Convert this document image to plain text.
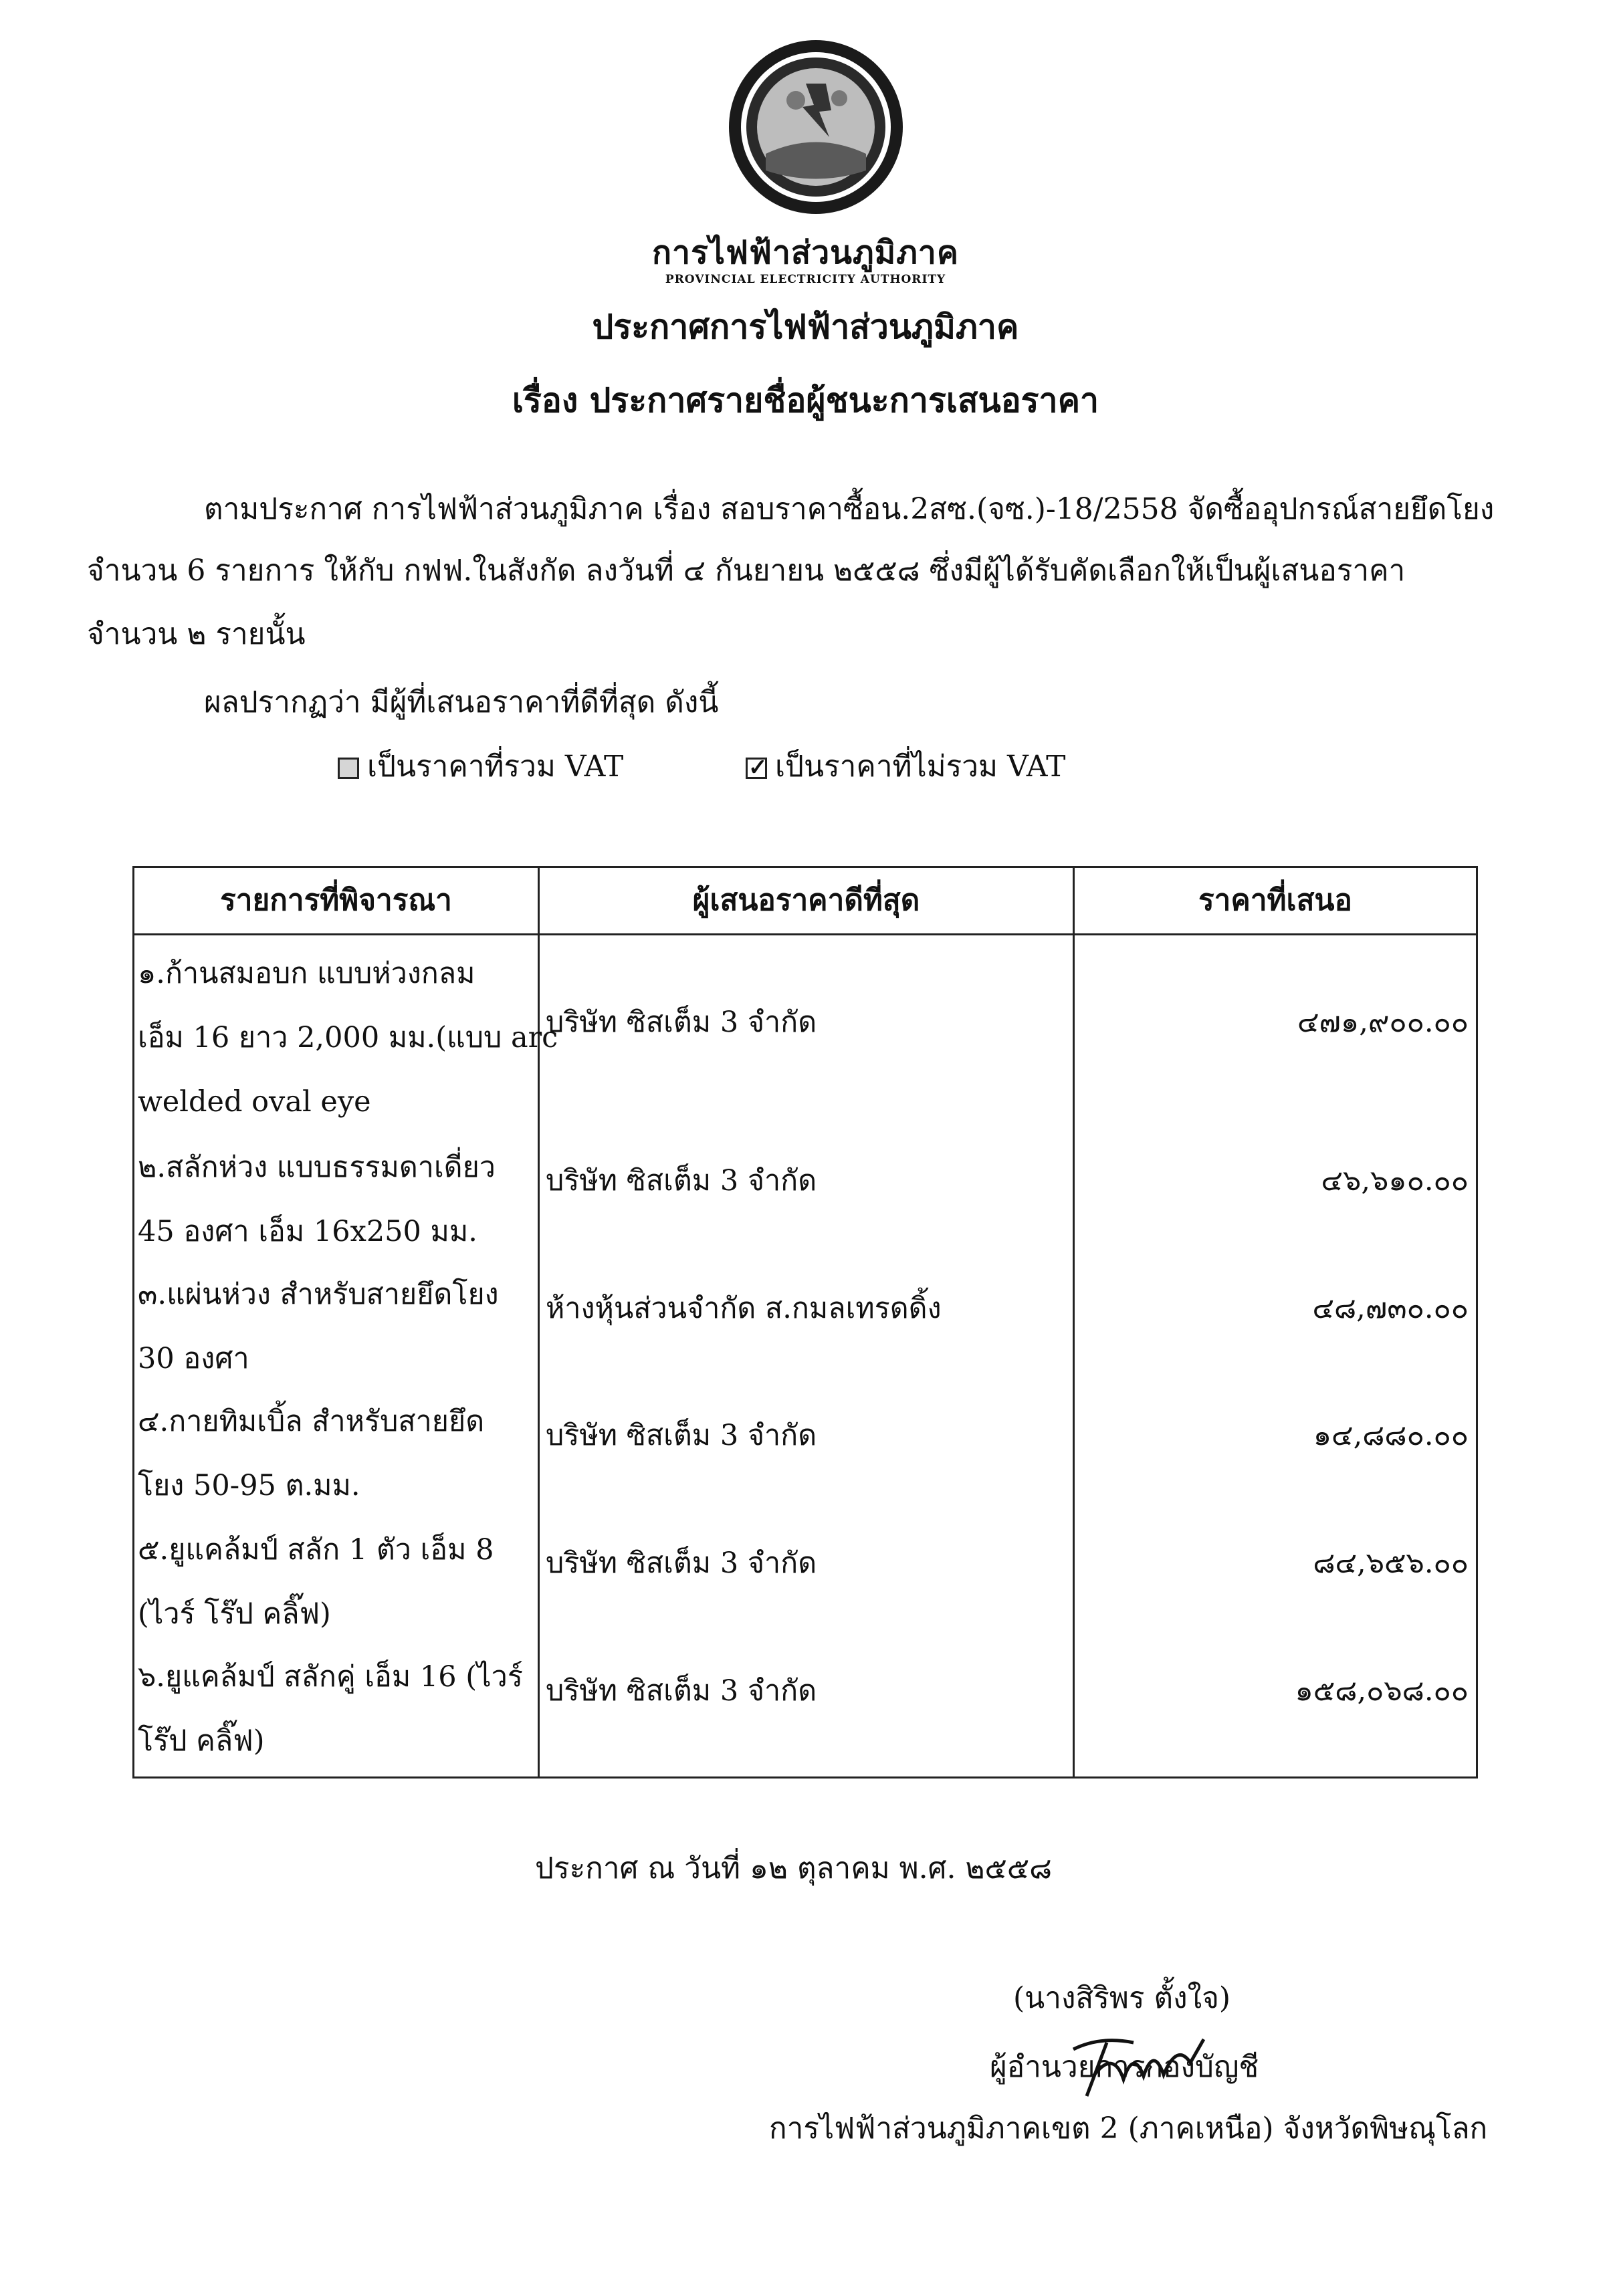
การไฟฟ้าส่วนภูมิภาค
PROVINCIAL ELECTRICITY AUTHORITY
ประกาศการไฟฟ้าส่วนภูมิภาค
เรื่อง ประกาศรายชื่อผู้ชนะการเสนอราคา
ตามประกาศ การไฟฟ้าส่วนภูมิภาค เรื่อง สอบราคาซื้อน.2สซ.(จซ.)-18/2558 จัดซื้ออุปกรณ์สายยึดโยง
จำนวน 6 รายการ ให้กับ กฟฟ.ในสังกัด ลงวันที่ ๔ กันยายน ๒๕๕๘ ซึ่งมีผู้ได้รับคัดเลือกให้เป็นผู้เสนอราคา
จำนวน ๒ รายนั้น
ผลปรากฏว่า มีผู้ที่เสนอราคาที่ดีที่สุด ดังนี้
เป็นราคาที่รวม VAT
✓	เป็นราคาที่ไม่รวม VAT
รายการที่พิจารณา	ผู้เสนอราคาดีที่สุด	ราคาที่เสนอ
๑.ก้านสมอบก แบบห่วงกลม
เอ็ม 16 ยาว 2,000 มม.(แบบ arc
welded oval eye
บริษัท ซิสเต็ม 3 จำกัด	๔๗๑,๙๐๐.๐๐
๒.สลักห่วง แบบธรรมดาเดี่ยว
45 องศา เอ็ม 16x250 มม.
บริษัท ซิสเต็ม 3 จำกัด	๔๖,๖๑๐.๐๐
๓.แผ่นห่วง สำหรับสายยึดโยง
30 องศา
ห้างหุ้นส่วนจำกัด ส.กมลเทรดดิ้ง	๔๘,๗๓๐.๐๐
๔.กายทิมเบิ้ล สำหรับสายยึด
โยง 50-95 ต.มม.
บริษัท ซิสเต็ม 3 จำกัด	๑๔,๘๘๐.๐๐
๕.ยูแคล้มป์ สลัก 1 ตัว เอ็ม 8
(ไวร์ โร๊ป คลิ๊ฟ)
บริษัท ซิสเต็ม 3 จำกัด	๘๔,๖๕๖.๐๐
๖.ยูแคล้มป์ สลักคู่ เอ็ม 16 (ไวร์
โร๊ป คลิ๊ฟ)
บริษัท ซิสเต็ม 3 จำกัด	๑๕๘,๐๖๘.๐๐
ประกาศ ณ วันที่ ๑๒ ตุลาคม พ.ศ. ๒๕๕๘
(นางสิริพร ตั้งใจ)
ผู้อำนวยการกองบัญชี
การไฟฟ้าส่วนภูมิภาคเขต 2 (ภาคเหนือ) จังหวัดพิษณุโลก
